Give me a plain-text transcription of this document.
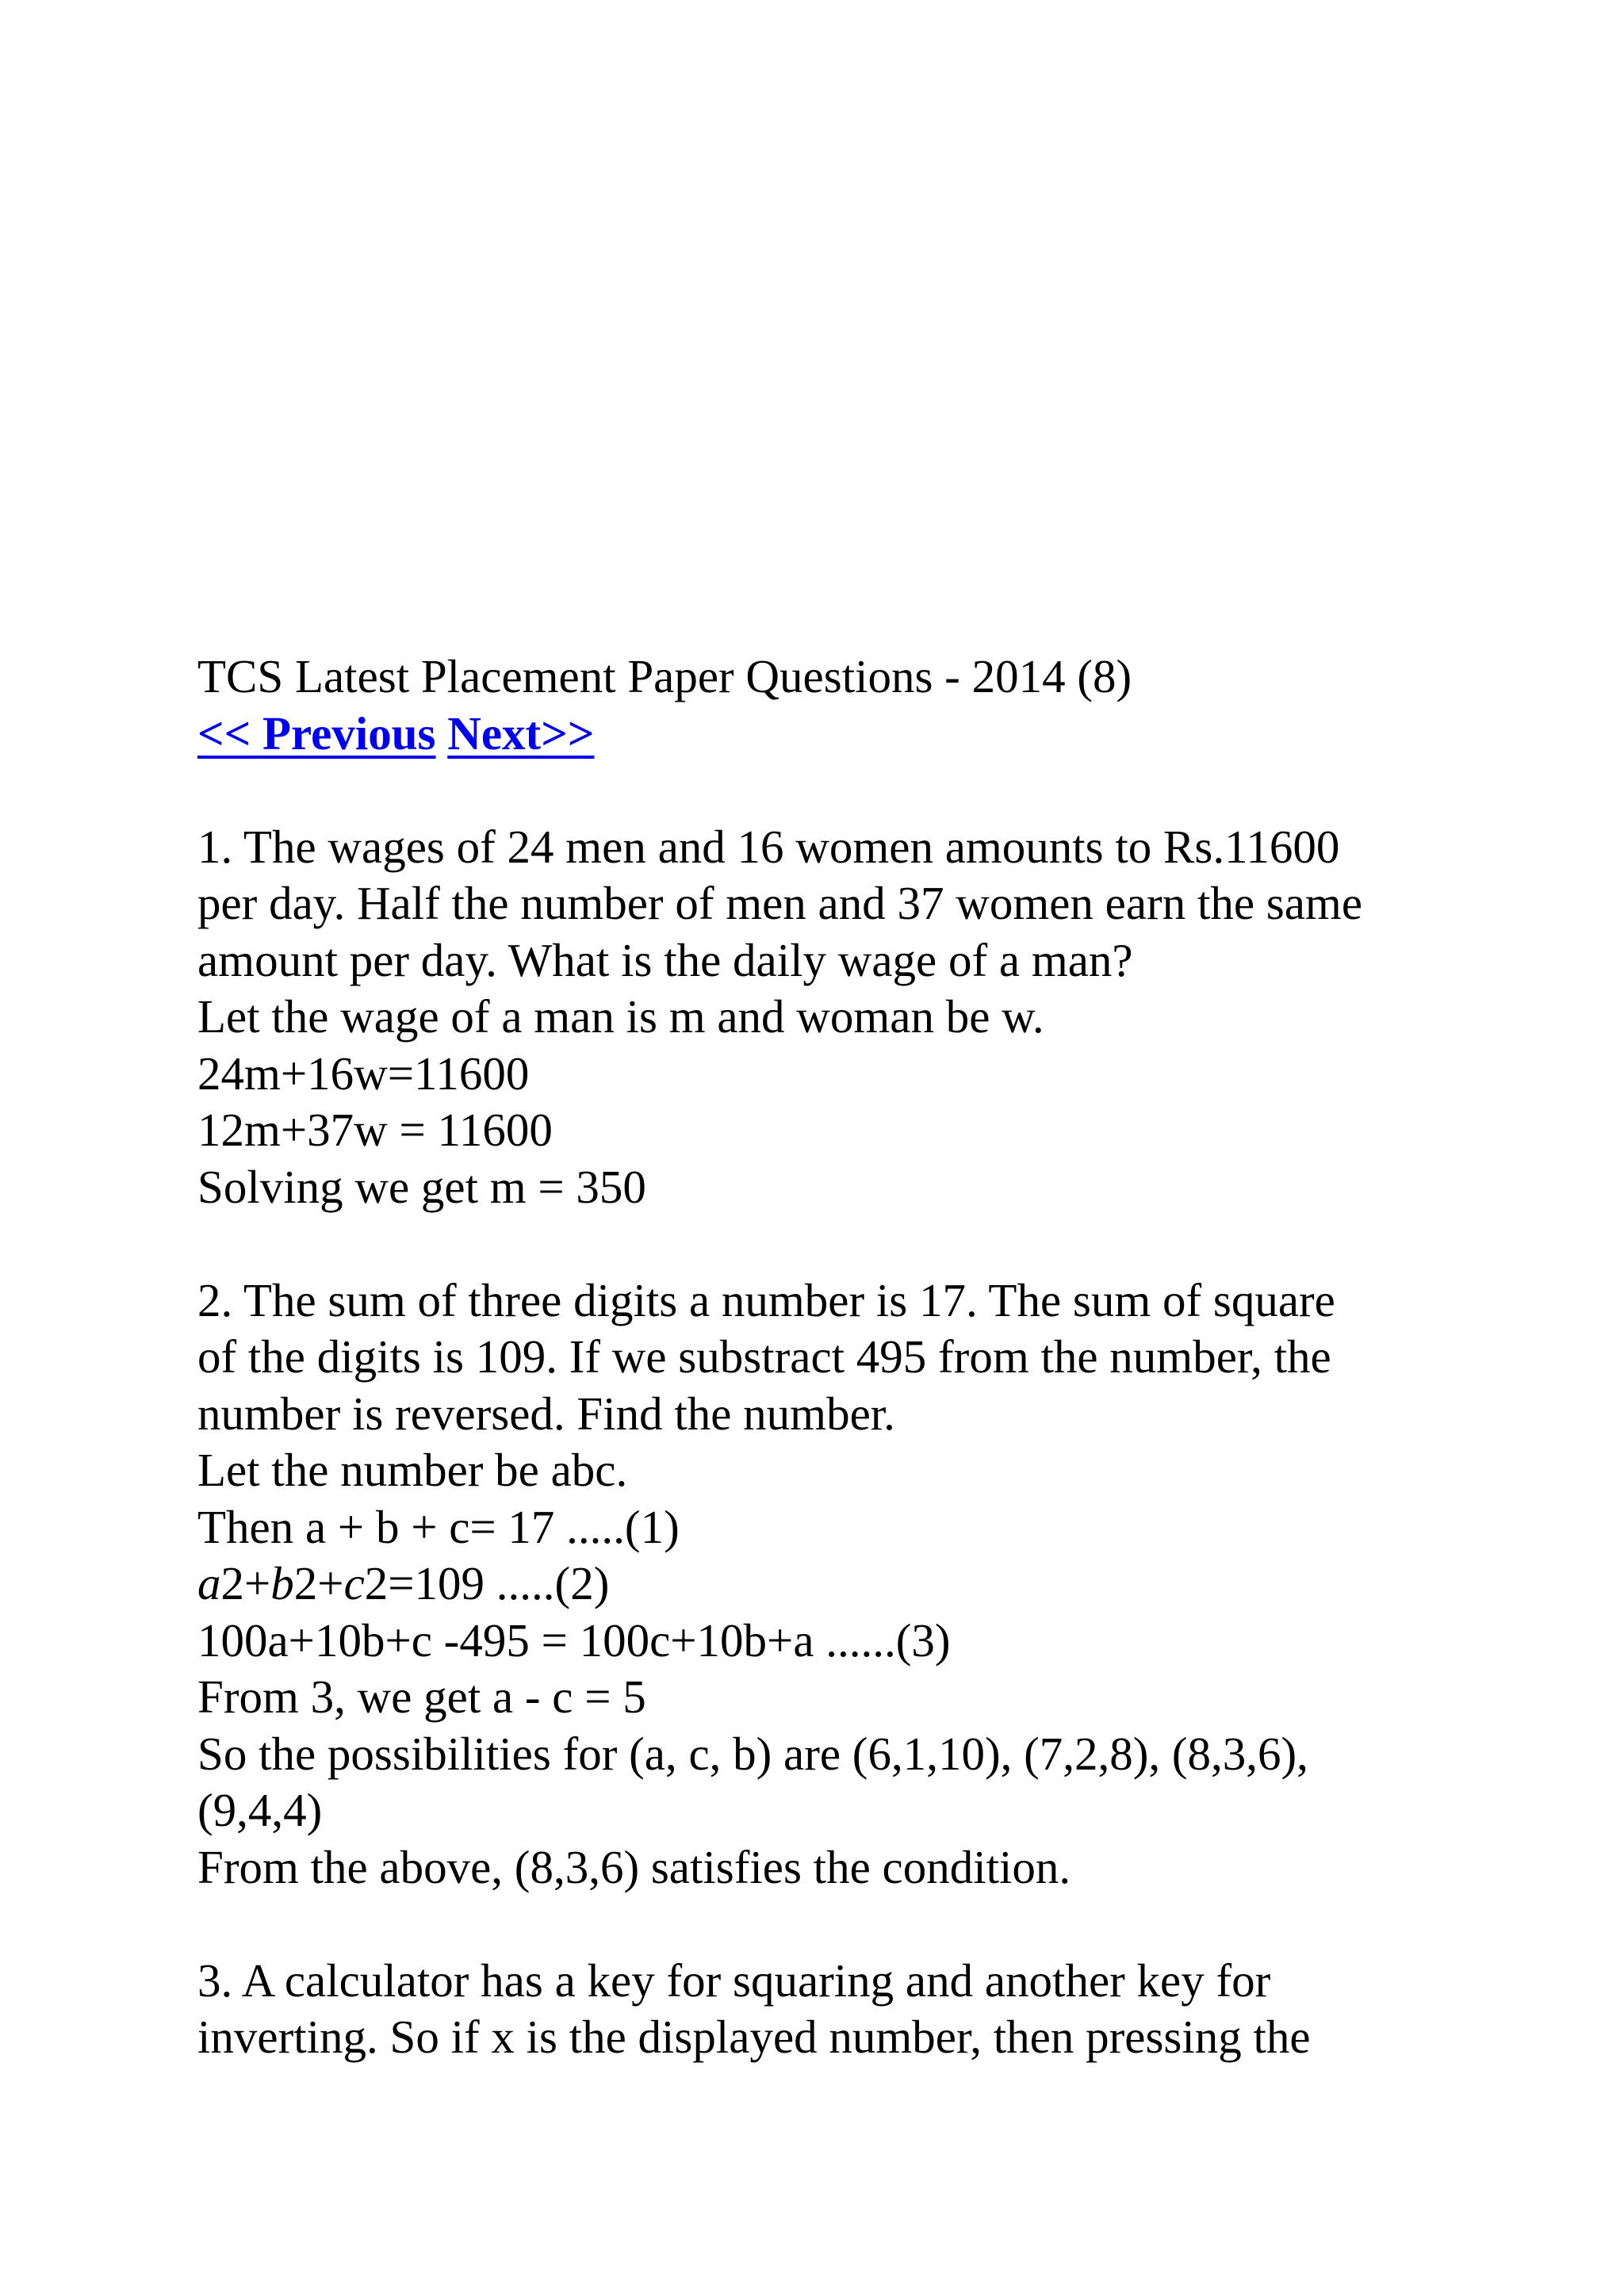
TCS Latest Placement Paper Questions - 2014 (8)
<< Previous Next>>
1. The wages of 24 men and 16 women amounts to Rs.11600
per day. Half the number of men and 37 women earn the same
amount per day. What is the daily wage of a man?
Let the wage of a man is m and woman be w.
24m+16w=11600
12m+37w = 11600
Solving we get m = 350
2. The sum of three digits a number is 17. The sum of square
of the digits is 109. If we substract 495 from the number, the
number is reversed. Find the number.
Let the number be abc.
Then a + b + c= 17 .....(1)
a2+b2+c2=109 .....(2)
100a+10b+c -495 = 100c+10b+a ......(3)
From 3, we get a - c = 5
So the possibilities for (a, c, b) are (6,1,10), (7,2,8), (8,3,6),
(9,4,4)
From the above, (8,3,6) satisfies the condition.
3. A calculator has a key for squaring and another key for
inverting. So if x is the displayed number, then pressing the
